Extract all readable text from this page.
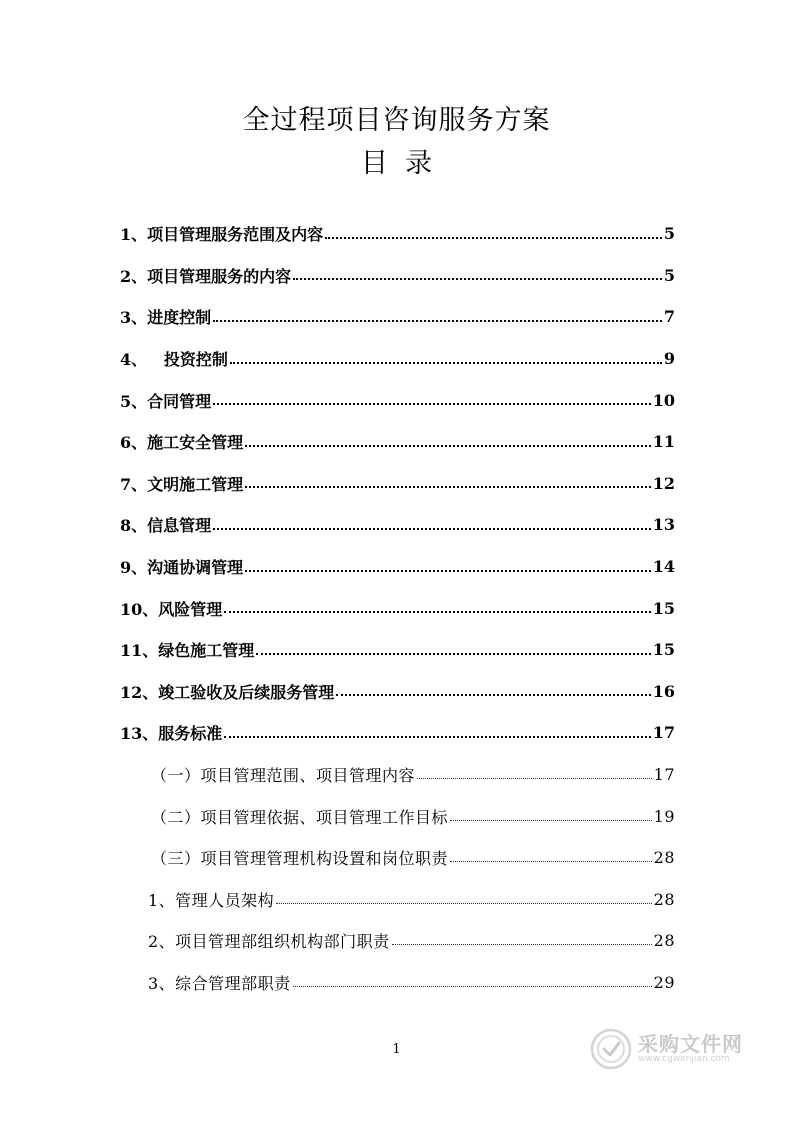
全过程项目咨询服务方案
目  录
1、项目管理服务范围及内容	5
2、项目管理服务的内容	5
3、进度控制	7
4、   投资控制	9
5、合同管理	10
6、施工安全管理	11
7、文明施工管理	12
8、信息管理	13
9、沟通协调管理	14
10、风险管理	15
11、绿色施工管理	15
12、竣工验收及后续服务管理	16
13、服务标准	17
（一）项目管理范围、项目管理内容	17
（二）项目管理依据、项目管理工作目标	19
（三）项目管理管理机构设置和岗位职责	28
1、管理人员架构	28
2、项目管理部组织机构部门职责	28
3、综合管理部职责	29
1	采购文件网
www.cgwenjian.com
